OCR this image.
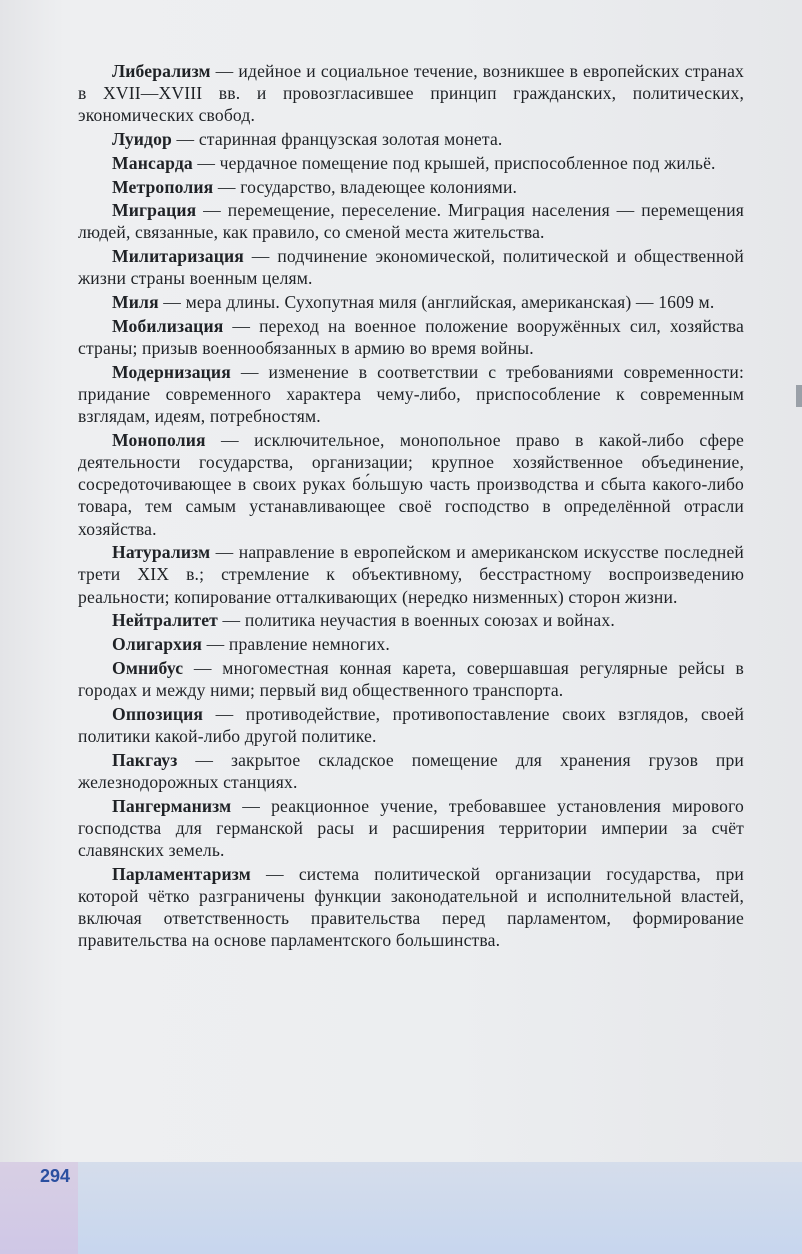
Либерализм — идейное и социальное течение, возникшее в европейских странах в XVII—XVIII вв. и провозгласившее принцип гражданских, политических, экономических свобод.

Луидор — старинная французская золотая монета.

Мансарда — чердачное помещение под крышей, приспособленное под жильё.

Метрополия — государство, владеющее колониями.

Миграция — перемещение, переселение. Миграция населения — перемещения людей, связанные, как правило, со сменой места жительства.

Милитаризация — подчинение экономической, политической и общественной жизни страны военным целям.

Миля — мера длины. Сухопутная миля (английская, американская) — 1609 м.

Мобилизация — переход на военное положение вооружённых сил, хозяйства страны; призыв военнообязанных в армию во время войны.

Модернизация — изменение в соответствии с требованиями современности: придание современного характера чему-либо, приспособление к современным взглядам, идеям, потребностям.

Монополия — исключительное, монопольное право в какой-либо сфере деятельности государства, организации; крупное хозяйственное объединение, сосредоточивающее в своих руках бо́льшую часть производства и сбыта какого-либо товара, тем самым устанавливающее своё господство в определённой отрасли хозяйства.

Натурализм — направление в европейском и американском искусстве последней трети XIX в.; стремление к объективному, бесстрастному воспроизведению реальности; копирование отталкивающих (нередко низменных) сторон жизни.

Нейтралитет — политика неучастия в военных союзах и войнах.

Олигархия — правление немногих.

Омнибус — многоместная конная карета, совершавшая регулярные рейсы в городах и между ними; первый вид общественного транспорта.

Оппозиция — противодействие, противопоставление своих взглядов, своей политики какой-либо другой политике.

Пакгауз — закрытое складское помещение для хранения грузов при железнодорожных станциях.

Пангерманизм — реакционное учение, требовавшее установления мирового господства для германской расы и расширения территории империи за счёт славянских земель.

Парламентаризм — система политической организации государства, при которой чётко разграничены функции законодательной и исполнительной властей, включая ответственность правительства перед парламентом, формирование правительства на основе парламентского большинства.

294
